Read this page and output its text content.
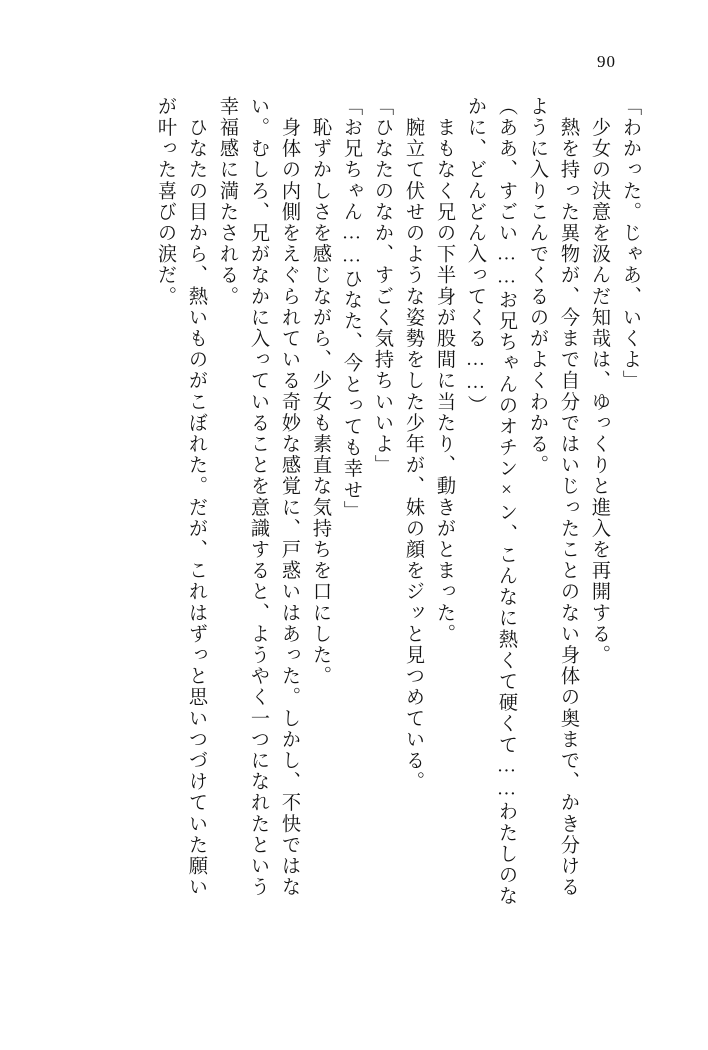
90
「わかった。じゃあ、いくよ」
　少女の決意を汲んだ知哉は、ゆっくりと進入を再開する。
　熱を持った異物が、今まで自分ではいじったことのない身体の奥まで、かき分ける
ように入りこんでくるのがよくわかる。
（ああ、すごい……お兄ちゃんのオチン×ン、こんなに熱くて硬くて……わたしのな
かに、どんどん入ってくる……）
　まもなく兄の下半身が股間に当たり、動きがとまった。
　腕立て伏せのような姿勢をした少年が、妹の顔をジッと見つめている。
「ひなたのなか、すごく気持ちいいよ」
「お兄ちゃん……ひなた、今とっても幸せ」
　恥ずかしさを感じながら、少女も素直な気持ちを口にした。
　身体の内側をえぐられている奇妙な感覚に、戸惑いはあった。しかし、不快ではな
い。むしろ、兄がなかに入っていることを意識すると、ようやく一つになれたという
幸福感に満たされる。
　ひなたの目から、熱いものがこぼれた。だが、これはずっと思いつづけていた願い
が叶った喜びの涙だ。
